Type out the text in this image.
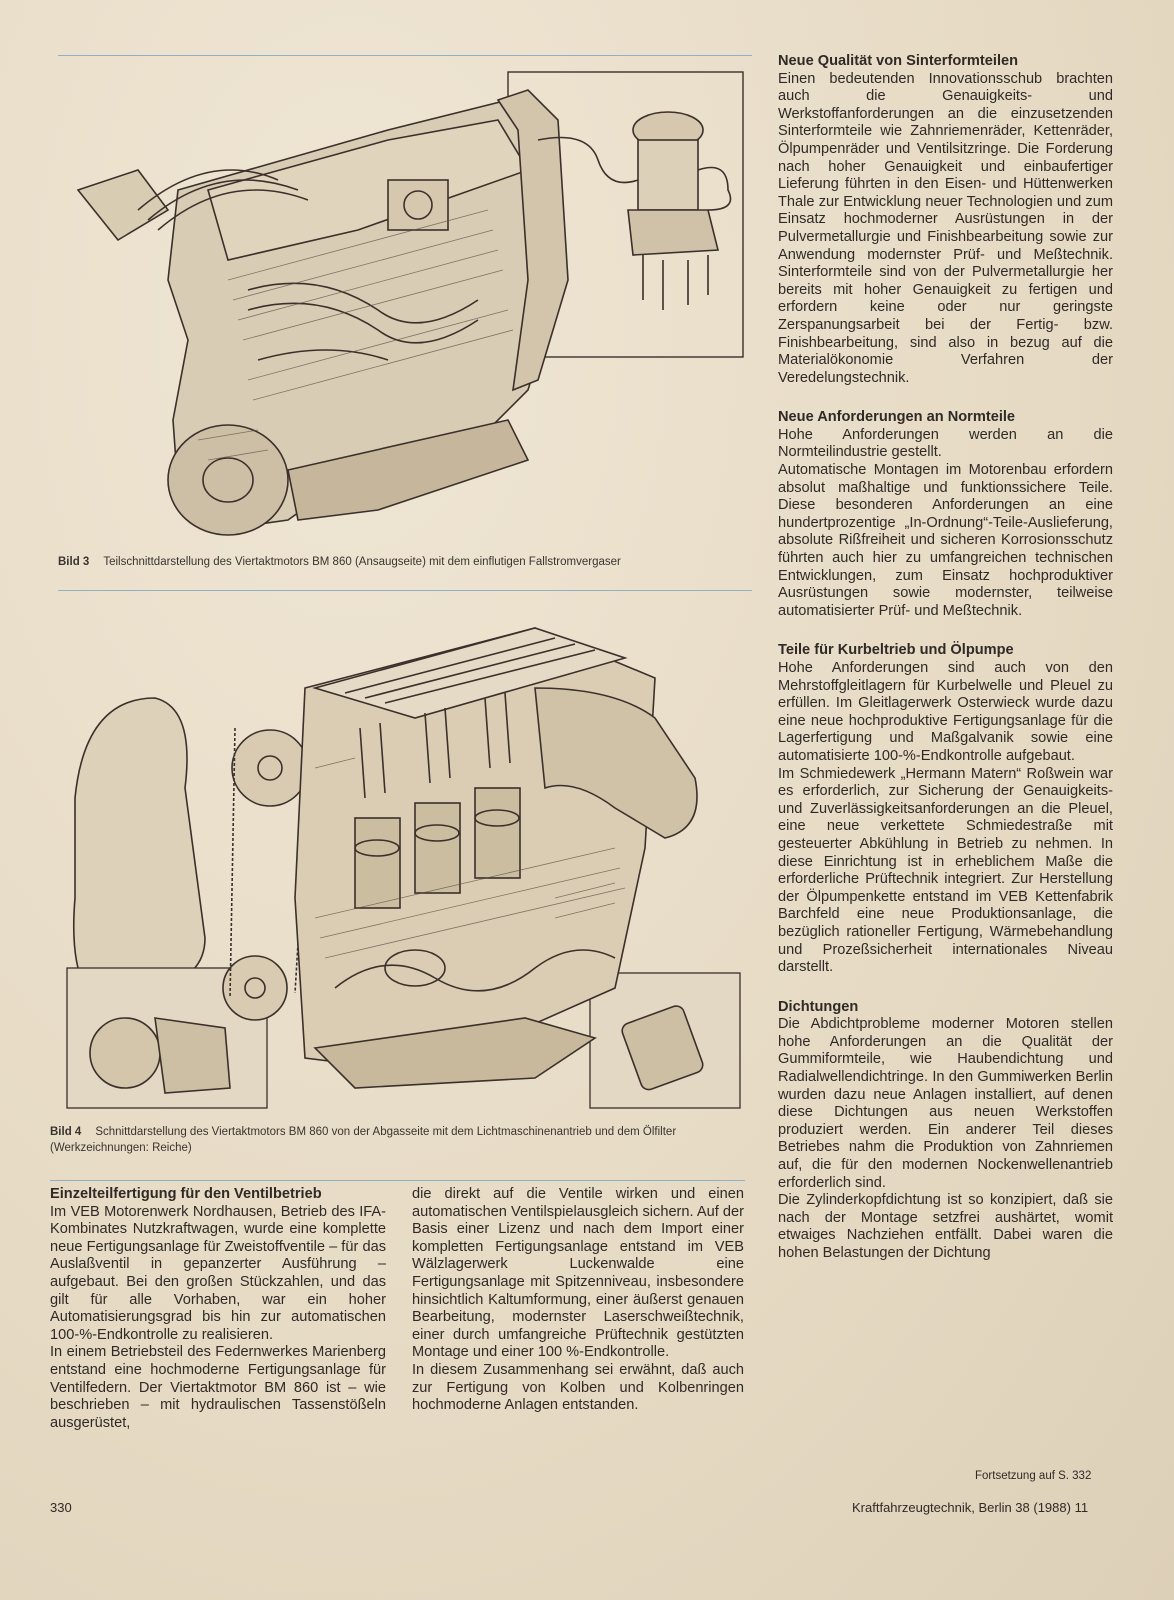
Bild 3 Teilschnittdarstellung des Viertaktmotors BM 860 (Ansaugseite) mit dem einflutigen Fallstromvergaser
Bild 4 Schnittdarstellung des Viertaktmotors BM 860 von der Abgasseite mit dem Lichtmaschinenantrieb und dem Ölfilter (Werkzeichnungen: Reiche)
Neue Qualität von Sinterformteilen

Einen bedeutenden Innovationsschub brachten auch die Genauigkeits- und Werkstoffanforderungen an die einzusetzenden Sinterformteile wie Zahnriemenräder, Kettenräder, Ölpumpenräder und Ventilsitzringe. Die Forderung nach hoher Genauigkeit und einbaufertiger Lieferung führten in den Eisen- und Hüttenwerken Thale zur Entwicklung neuer Technologien und zum Einsatz hochmoderner Ausrüstungen in der Pulvermetallurgie und Finishbearbeitung sowie zur Anwendung modernster Prüf- und Meßtechnik. Sinterformteile sind von der Pulvermetallurgie her bereits mit hoher Genauigkeit zu fertigen und erfordern keine oder nur geringste Zerspanungsarbeit bei der Fertig- bzw. Finishbearbeitung, sind also in bezug auf die Materialökonomie Verfahren der Veredelungstechnik.

Neue Anforderungen an Normteile

Hohe Anforderungen werden an die Normteilindustrie gestellt.

Automatische Montagen im Motorenbau erfordern absolut maßhaltige und funktionssichere Teile. Diese besonderen Anforderungen an eine hundertprozentige „In-Ordnung“-Teile-Auslieferung, absolute Rißfreiheit und sicheren Korrosionsschutz führten auch hier zu umfangreichen technischen Entwicklungen, zum Einsatz hochproduktiver Ausrüstungen sowie modernster, teilweise automatisierter Prüf- und Meßtechnik.

Teile für Kurbeltrieb und Ölpumpe

Hohe Anforderungen sind auch von den Mehrstoffgleitlagern für Kurbelwelle und Pleuel zu erfüllen. Im Gleitlagerwerk Osterwieck wurde dazu eine neue hochproduktive Fertigungsanlage für die Lagerfertigung und Maßgalvanik sowie eine automatisierte 100-%-Endkontrolle aufgebaut.

Im Schmiedewerk „Hermann Matern“ Roßwein war es erforderlich, zur Sicherung der Genauigkeits- und Zuverlässigkeitsanforderungen an die Pleuel, eine neue verkettete Schmiedestraße mit gesteuerter Abkühlung in Betrieb zu nehmen. In diese Einrichtung ist in erheblichem Maße die erforderliche Prüftechnik integriert. Zur Herstellung der Ölpumpenkette entstand im VEB Kettenfabrik Barchfeld eine neue Produktionsanlage, die bezüglich rationeller Fertigung, Wärmebehandlung und Prozeßsicherheit internationales Niveau darstellt.

Dichtungen

Die Abdichtprobleme moderner Motoren stellen hohe Anforderungen an die Qualität der Gummiformteile, wie Haubendichtung und Radialwellendichtringe. In den Gummiwerken Berlin wurden dazu neue Anlagen installiert, auf denen diese Dichtungen aus neuen Werkstoffen produziert werden. Ein anderer Teil dieses Betriebes nahm die Produktion von Zahnriemen auf, die für den modernen Nockenwellenantrieb erforderlich sind.

Die Zylinderkopfdichtung ist so konzipiert, daß sie nach der Montage setzfrei aushärtet, womit etwaiges Nachziehen entfällt. Dabei waren die hohen Belastungen der Dichtung

Einzelteilfertigung für den Ventilbetrieb

Im VEB Motorenwerk Nordhausen, Betrieb des IFA-Kombinates Nutzkraftwagen, wurde eine komplette neue Fertigungsanlage für Zweistoffventile – für das Auslaßventil in gepanzerter Ausführung – aufgebaut. Bei den großen Stückzahlen, und das gilt für alle Vorhaben, war ein hoher Automatisierungsgrad bis hin zur automatischen 100-%-Endkontrolle zu realisieren.

In einem Betriebsteil des Federnwerkes Marienberg entstand eine hochmoderne Fertigungsanlage für Ventilfedern. Der Viertaktmotor BM 860 ist – wie beschrieben – mit hydraulischen Tassenstößeln ausgerüstet,

die direkt auf die Ventile wirken und einen automatischen Ventilspielausgleich sichern. Auf der Basis einer Lizenz und nach dem Import einer kompletten Fertigungsanlage entstand im VEB Wälzlagerwerk Luckenwalde eine Fertigungsanlage mit Spitzenniveau, insbesondere hinsichtlich Kaltumformung, einer äußerst genauen Bearbeitung, modernster Laserschweißtechnik, einer durch umfangreiche Prüftechnik gestützten Montage und einer 100 %-Endkontrolle.

In diesem Zusammenhang sei erwähnt, daß auch zur Fertigung von Kolben und Kolbenringen hochmoderne Anlagen entstanden.

Fortsetzung auf S. 332
330	Kraftfahrzeugtechnik, Berlin 38 (1988) 11
